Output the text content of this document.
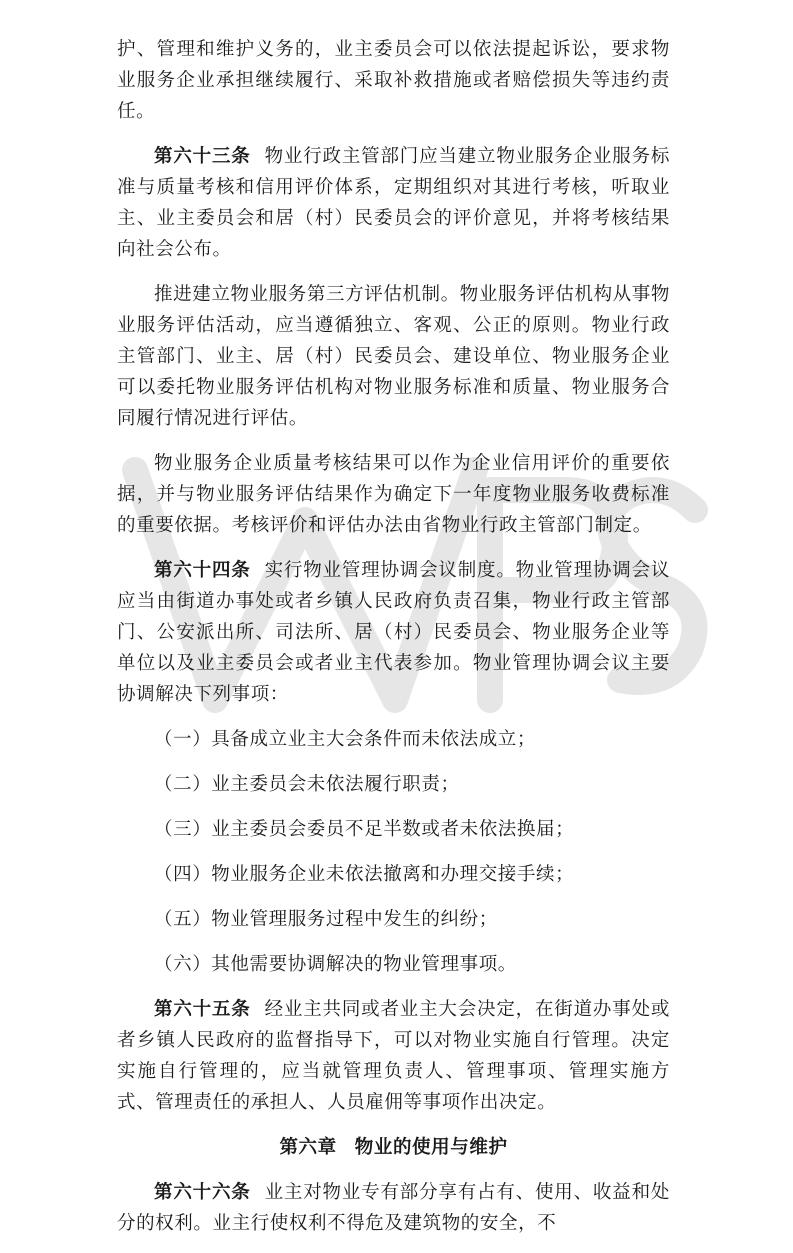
护、管理和维护义务的，业主委员会可以依法提起诉讼，要求物业服务企业承担继续履行、采取补救措施或者赔偿损失等违约责任。

第六十三条 物业行政主管部门应当建立物业服务企业服务标准与质量考核和信用评价体系，定期组织对其进行考核，听取业主、业主委员会和居（村）民委员会的评价意见，并将考核结果向社会公布。

推进建立物业服务第三方评估机制。物业服务评估机构从事物业服务评估活动，应当遵循独立、客观、公正的原则。物业行政主管部门、业主、居（村）民委员会、建设单位、物业服务企业可以委托物业服务评估机构对物业服务标准和质量、物业服务合同履行情况进行评估。

物业服务企业质量考核结果可以作为企业信用评价的重要依据，并与物业服务评估结果作为确定下一年度物业服务收费标准的重要依据。考核评价和评估办法由省物业行政主管部门制定。

第六十四条 实行物业管理协调会议制度。物业管理协调会议应当由街道办事处或者乡镇人民政府负责召集，物业行政主管部门、公安派出所、司法所、居（村）民委员会、物业服务企业等单位以及业主委员会或者业主代表参加。物业管理协调会议主要协调解决下列事项：

（一）具备成立业主大会条件而未依法成立；

（二）业主委员会未依法履行职责；

（三）业主委员会委员不足半数或者未依法换届；

（四）物业服务企业未依法撤离和办理交接手续；

（五）物业管理服务过程中发生的纠纷；

（六）其他需要协调解决的物业管理事项。

第六十五条 经业主共同或者业主大会决定，在街道办事处或者乡镇人民政府的监督指导下，可以对物业实施自行管理。决定实施自行管理的，应当就管理负责人、管理事项、管理实施方式、管理责任的承担人、人员雇佣等事项作出决定。

第六章 物业的使用与维护

第六十六条 业主对物业专有部分享有占有、使用、收益和处分的权利。业主行使权利不得危及建筑物的安全，不
